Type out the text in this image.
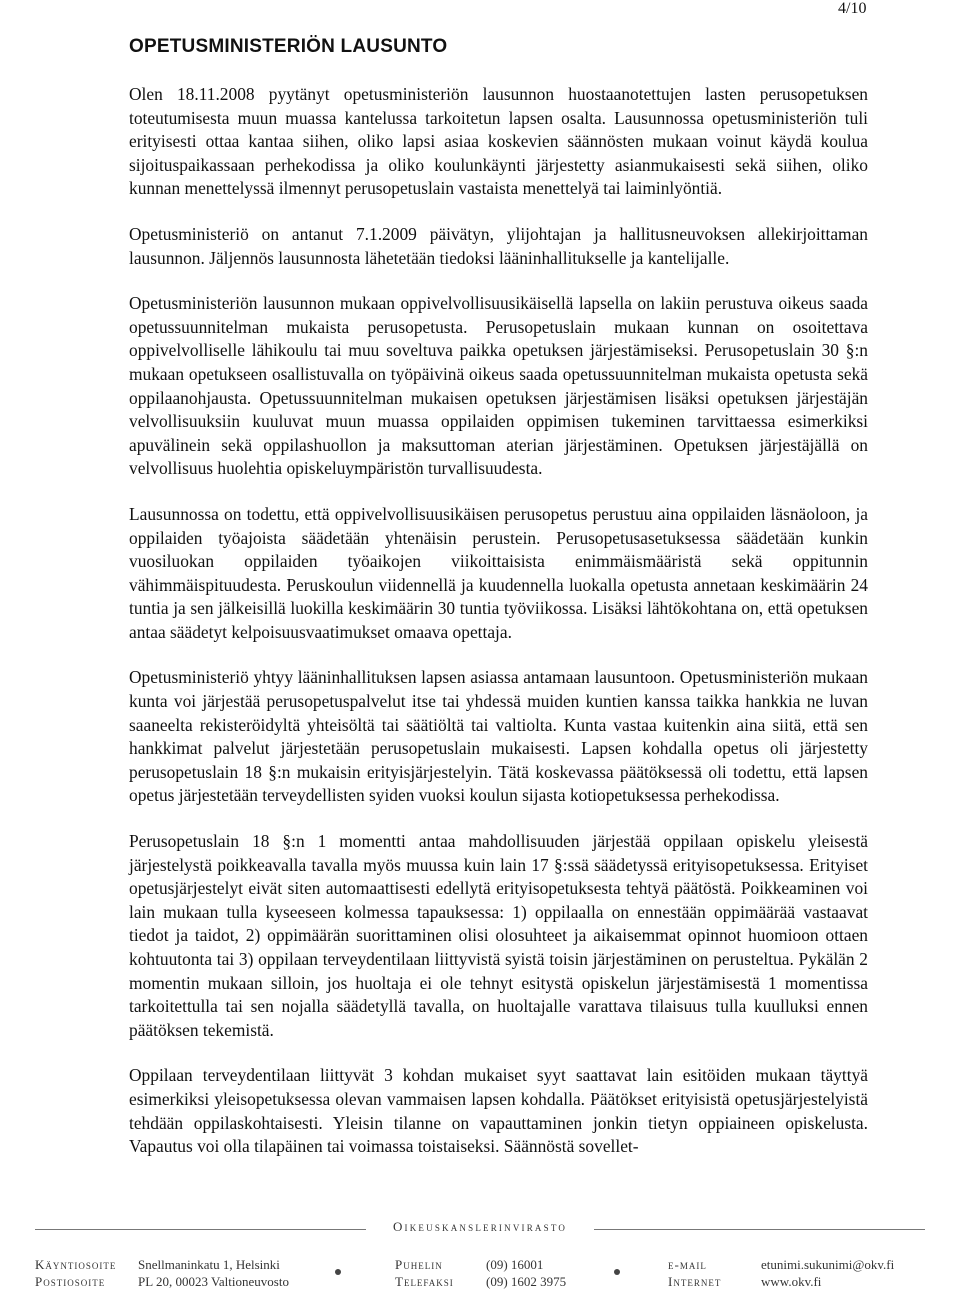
4/10
OPETUSMINISTERIÖN LAUSUNTO

Olen 18.11.2008 pyytänyt opetusministeriön lausunnon huostaanotettujen lasten perusopetuksen toteutumisesta muun muassa kantelussa tarkoitetun lapsen osalta. Lausunnossa opetusministeriön tuli erityisesti ottaa kantaa siihen, oliko lapsi asiaa koskevien säännösten mukaan voinut käydä koulua sijoituspaikassaan perhekodissa ja oliko koulunkäynti järjestetty asianmukaisesti sekä siihen, oliko kunnan menettelyssä ilmennyt perusopetuslain vastaista menettelyä tai laiminlyöntiä.

Opetusministeriö on antanut 7.1.2009 päivätyn, ylijohtajan ja hallitusneuvoksen allekirjoittaman lausunnon. Jäljennös lausunnosta lähetetään tiedoksi lääninhallitukselle ja kantelijalle.

Opetusministeriön lausunnon mukaan oppivelvollisuusikäisellä lapsella on lakiin perustuva oikeus saada opetussuunnitelman mukaista perusopetusta. Perusopetuslain mukaan kunnan on osoitettava oppivelvolliselle lähikoulu tai muu soveltuva paikka opetuksen järjestämiseksi. Perusopetuslain 30 §:n mukaan opetukseen osallistuvalla on työpäivinä oikeus saada opetussuunnitelman mukaista opetusta sekä oppilaanohjausta. Opetussuunnitelman mukaisen opetuksen järjestämisen lisäksi opetuksen järjestäjän velvollisuuksiin kuuluvat muun muassa oppilaiden oppimisen tukeminen tarvittaessa esimerkiksi apuvälinein sekä oppilashuollon ja maksuttoman aterian järjestäminen. Opetuksen järjestäjällä on velvollisuus huolehtia opiskeluympäristön turvallisuudesta.

Lausunnossa on todettu, että oppivelvollisuusikäisen perusopetus perustuu aina oppilaiden läsnäoloon, ja oppilaiden työajoista säädetään yhtenäisin perustein. Perusopetusasetuksessa säädetään kunkin vuosiluokan oppilaiden työaikojen viikoittaisista enimmäismääristä sekä oppitunnin vähimmäispituudesta. Peruskoulun viidennellä ja kuudennella luokalla opetusta annetaan keskimäärin 24 tuntia ja sen jälkeisillä luokilla keskimäärin 30 tuntia työviikossa. Lisäksi lähtökohtana on, että opetuksen antaa säädetyt kelpoisuusvaatimukset omaava opettaja.

Opetusministeriö yhtyy lääninhallituksen lapsen asiassa antamaan lausuntoon. Opetusministeriön mukaan kunta voi järjestää perusopetuspalvelut itse tai yhdessä muiden kuntien kanssa taikka hankkia ne luvan saaneelta rekisteröidyltä yhteisöltä tai säätiöltä tai valtiolta. Kunta vastaa kuitenkin aina siitä, että sen hankkimat palvelut järjestetään perusopetuslain mukaisesti. Lapsen kohdalla opetus oli järjestetty perusopetuslain 18 §:n mukaisin erityisjärjestelyin. Tätä koskevassa päätöksessä oli todettu, että lapsen opetus järjestetään terveydellisten syiden vuoksi koulun sijasta kotiopetuksessa perhekodissa.

Perusopetuslain 18 §:n 1 momentti antaa mahdollisuuden järjestää oppilaan opiskelu yleisestä järjestelystä poikkeavalla tavalla myös muussa kuin lain 17 §:ssä säädetyssä erityisopetuksessa. Erityiset opetusjärjestelyt eivät siten automaattisesti edellytä erityisopetuksesta tehtyä päätöstä. Poikkeaminen voi lain mukaan tulla kyseeseen kolmessa tapauksessa: 1) oppilaalla on ennestään oppimäärää vastaavat tiedot ja taidot, 2) oppimäärän suorittaminen olisi olosuhteet ja aikaisemmat opinnot huomioon ottaen kohtuutonta tai 3) oppilaan terveydentilaan liittyvistä syistä toisin järjestäminen on perusteltua. Pykälän 2 momentin mukaan silloin, jos huoltaja ei ole tehnyt esitystä opiskelun järjestämisestä 1 momentissa tarkoitettulla tai sen nojalla säädetyllä tavalla, on huoltajalle varattava tilaisuus tulla kuulluksi ennen päätöksen tekemistä.

Oppilaan terveydentilaan liittyvät 3 kohdan mukaiset syyt saattavat lain esitöiden mukaan täyttyä esimerkiksi yleisopetuksessa olevan vammaisen lapsen kohdalla. Päätökset erityisistä opetusjärjestelyistä tehdään oppilaskohtaisesti. Yleisin tilanne on vapauttaminen jonkin tietyn oppiaineen opiskelusta. Vapautus voi olla tilapäinen tai voimassa toistaiseksi. Säännöstä sovellet-

Oikeuskanslerinvirasto
Käyntiosoite Snellmaninkatu 1, Helsinki
Postiosoite	PL 20, 00023 Valtioneuvosto
Puhelin	(09) 16001
Telefaksi (09) 1602 3975
e-mail	etunimi.sukunimi@okv.fi
Internet	www.okv.fi
